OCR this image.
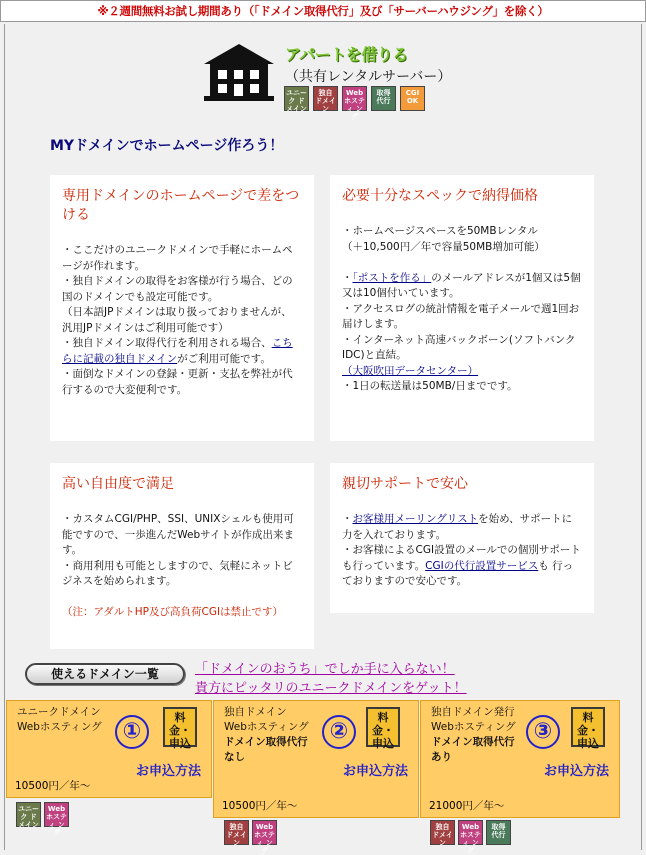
※２週間無料お試し期間あり（「ドメイン取得代行」及び「サーバーハウジング」を除く）
アパートを借りる
（共有レンタルサーバー）
ユニーク ドメイン
独自 ドメイン
Web ホスティ ング
取得 代行
CGI OK
MYドメインでホームページ作ろう！
専用ドメインのホームページで差をつける

・ここだけのユニークドメインで手軽にホームページが作れます。
・独自ドメインの取得をお客様が行う場合、どの国のドメインでも設定可能です。
（日本語JPドメインは取り扱っておりませんが、汎用JPドメインはご利用可能です）
・独自ドメイン取得代行を利用される場合、こちらに記載の独自ドメインがご利用可能です。
・面倒なドメインの登録・更新・支払を弊社が代行するので大変便利です。

必要十分なスペックで納得価格

・ホームページスペースを50MBレンタル
（＋10,500円／年で容量50MB増加可能）

・「ポストを作る」のメールアドレスが1個又は5個又は10個付いています。
・アクセスログの統計情報を電子メールで週1回お届けします。
・インターネット高速バックボーン(ソフトバンクIDC)と直結。
（大阪吹田データセンター）
・1日の転送量は50MB/日までです。

高い自由度で満足

・カスタムCGI/PHP、SSI、UNIXシェルも使用可能ですので、一歩進んだWebサイトが作成出来ます。
・商用利用も可能としますので、気軽にネットビジネスを始められます。

（注：アダルトHP及び高負荷CGIは禁止です）
親切サポートで安心

・お客様用メーリングリストを始め、サポートに力を入れております。
・お客様によるCGI設置のメールでの個別サポートも行っています。CGIの代行設置サービスも 行っておりますので安心です。

使えるドメイン一覧	「ドメインのおうち」でしか手に入らない！
貴方にピッタリのユニークドメインをゲット！
ユニークドメイン
Webホスティング ①
料金・申込
お申込方法
10500円／年～
ユニーク ドメイン
Web ホスティ ング
独自ドメイン
Webホスティング
ドメイン取得代行なし
②
料金・申込
お申込方法
10500円／年～
独自 ドメイン
Web ホスティ ング
独自ドメイン発行
Webホスティング
ドメイン取得代行あり
③
料金・申込
お申込方法
21000円／年～
独自 ドメイン
Web ホスティ ング
取得 代行
